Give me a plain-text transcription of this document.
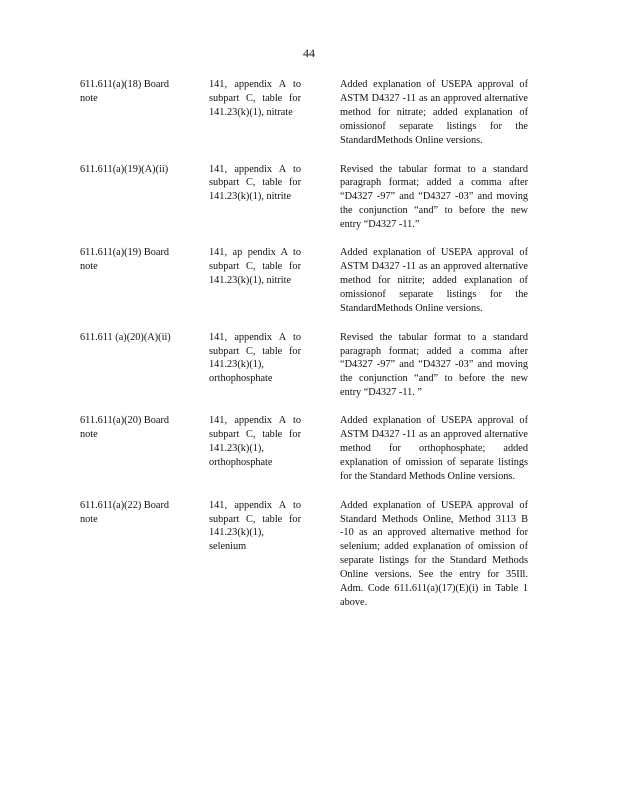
44
611.611(a)(18) Board note
141, appendix A to subpart C, table for 141.23(k)(1), nitrate
Added explanation of USEPA approval of ASTM D4327 -11 as an approved alternative method for nitrate; added explanation of omissionof separate listings for the StandardMethods Online versions.
611.611(a)(19)(A)(ii)	141, appendix A to subpart C, table for 141.23(k)(1), nitrite
Revised the tabular format to a standard paragraph format; added a comma after “D4327 -97” and “D4327 -03” and moving the conjunction “and” to before the new entry “D4327 -11.”
611.611(a)(19) Board note
141, ap pendix A to subpart C, table for 141.23(k)(1), nitrite
Added explanation of USEPA approval of ASTM D4327 -11 as an approved alternative method for nitrite; added explanation of omissionof separate listings for the StandardMethods Online versions.
611.611 (a)(20)(A)(ii)	141, appendix A to subpart C, table for 141.23(k)(1), orthophosphate
Revised the tabular format to a standard paragraph format; added a comma after “D4327 -97” and “D4327 -03” and moving the conjunction “and” to before the new entry “D4327 -11. ”
611.611(a)(20) Board note
141, appendix A to subpart C, table for 141.23(k)(1), orthophosphate
Added explanation of USEPA approval of ASTM D4327 -11 as an approved alternative method for orthophosphate; added explanation of omission of separate listings for the Standard Methods Online versions.
611.611(a)(22) Board note
141, appendix A to subpart C, table for 141.23(k)(1), selenium
Added explanation of USEPA approval of Standard Methods Online, Method 3113 B -10 as an approved alternative method for selenium; added explanation of omission of separate listings for the Standard Methods Online versions. See the entry for 35Ill. Adm. Code 611.611(a)(17)(E)(i) in Table 1 above.
